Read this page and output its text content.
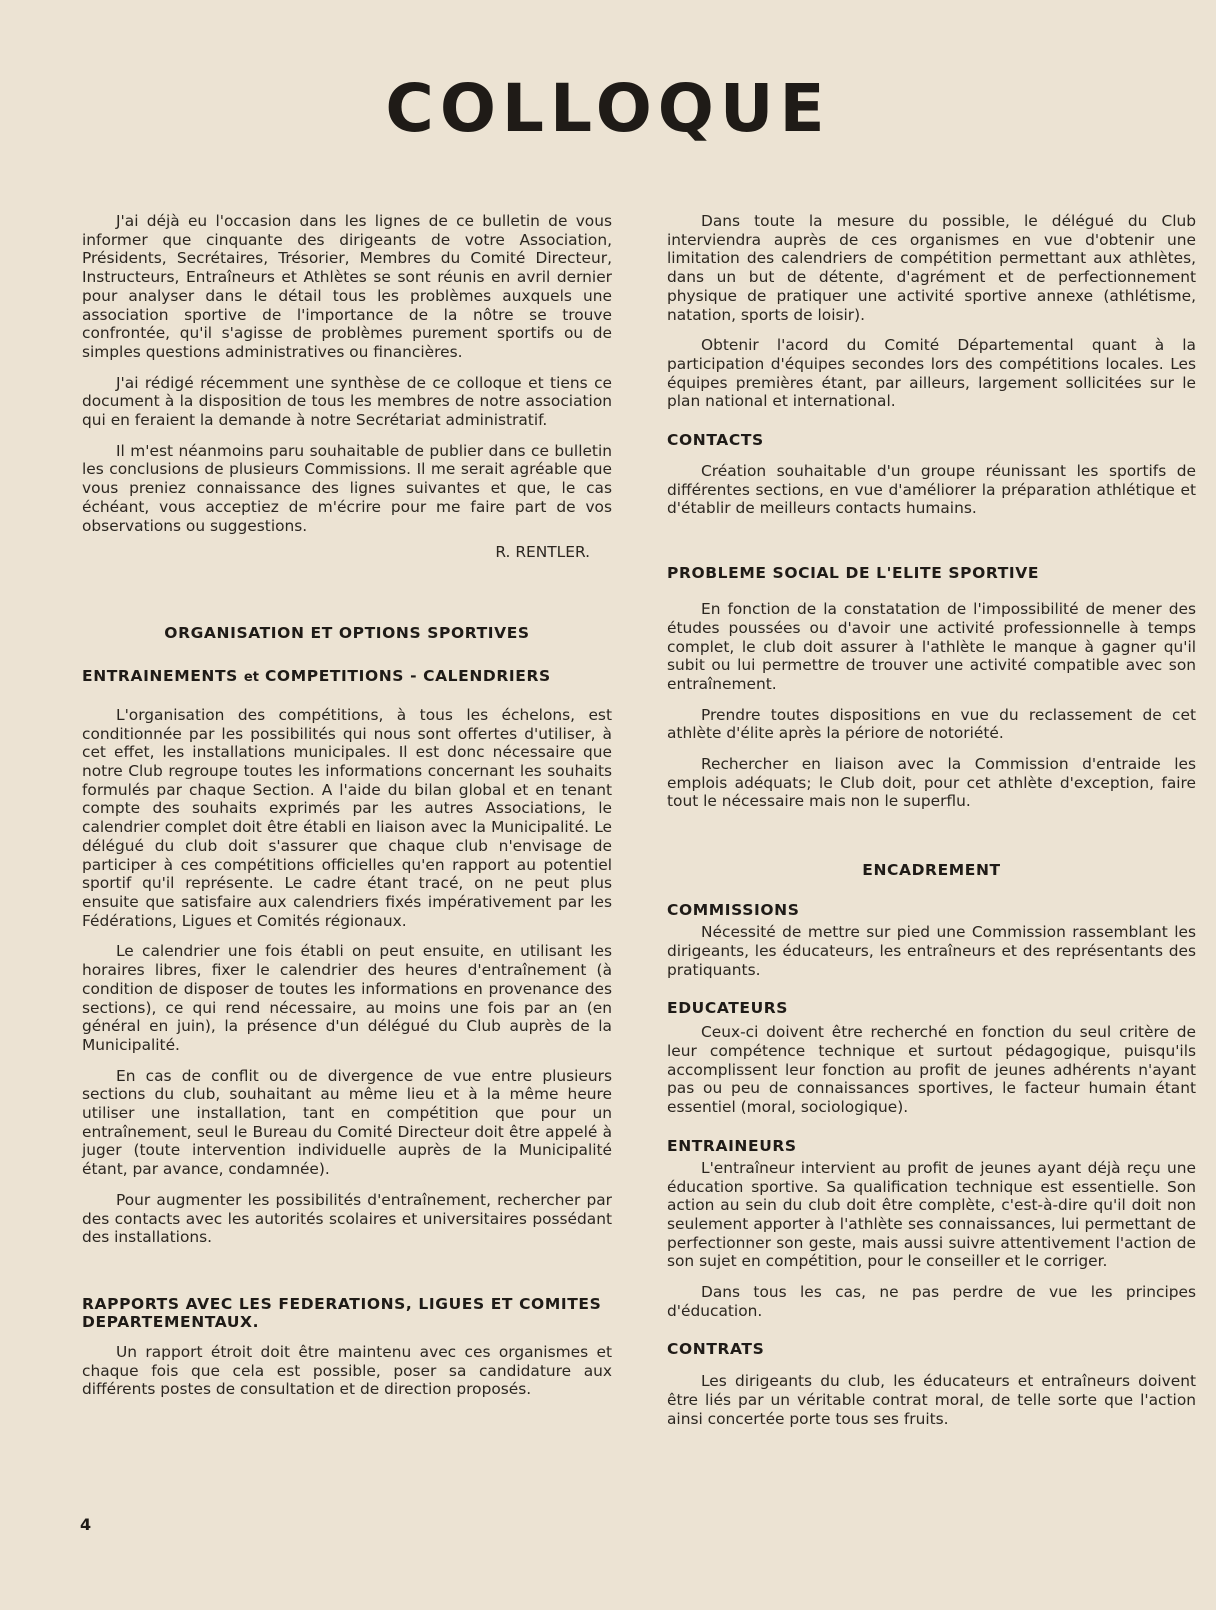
COLLOQUE

J'ai déjà eu l'occasion dans les lignes de ce bulletin de vous informer que cinquante des dirigeants de votre Association, Présidents, Secrétaires, Trésorier, Membres du Comité Directeur, Instructeurs, Entraîneurs et Athlètes se sont réunis en avril dernier pour analyser dans le détail tous les problèmes auxquels une association sportive de l'importance de la nôtre se trouve confrontée, qu'il s'agisse de problèmes purement sportifs ou de simples questions administratives ou financières.

J'ai rédigé récemment une synthèse de ce colloque et tiens ce document à la disposition de tous les membres de notre association qui en feraient la demande à notre Secrétariat administratif.

Il m'est néanmoins paru souhaitable de publier dans ce bulletin les conclusions de plusieurs Commissions. Il me serait agréable que vous preniez connaissance des lignes suivantes et que, le cas échéant, vous acceptiez de m'écrire pour me faire part de vos observations ou suggestions.

R. RENTLER.

ORGANISATION ET OPTIONS SPORTIVES
ENTRAINEMENTS et COMPETITIONS - CALENDRIERS

L'organisation des compétitions, à tous les échelons, est conditionnée par les possibilités qui nous sont offertes d'utiliser, à cet effet, les installations municipales. Il est donc nécessaire que notre Club regroupe toutes les informations concernant les souhaits formulés par chaque Section. A l'aide du bilan global et en tenant compte des souhaits exprimés par les autres Associations, le calendrier complet doit être établi en liaison avec la Municipalité. Le délégué du club doit s'assurer que chaque club n'envisage de participer à ces compétitions officielles qu'en rapport au potentiel sportif qu'il représente. Le cadre étant tracé, on ne peut plus ensuite que satisfaire aux calendriers fixés impérativement par les Fédérations, Ligues et Comités régionaux.

Le calendrier une fois établi on peut ensuite, en utilisant les horaires libres, fixer le calendrier des heures d'entraînement (à condition de disposer de toutes les informations en provenance des sections), ce qui rend nécessaire, au moins une fois par an (en général en juin), la présence d'un délégué du Club auprès de la Municipalité.

En cas de conflit ou de divergence de vue entre plusieurs sections du club, souhaitant au même lieu et à la même heure utiliser une installation, tant en compétition que pour un entraînement, seul le Bureau du Comité Directeur doit être appelé à juger (toute intervention individuelle auprès de la Municipalité étant, par avance, condamnée).

Pour augmenter les possibilités d'entraînement, rechercher par des contacts avec les autorités scolaires et universitaires possédant des installations.

RAPPORTS AVEC LES FEDERATIONS, LIGUES ET COMITES DEPARTEMENTAUX.

Un rapport étroit doit être maintenu avec ces organismes et chaque fois que cela est possible, poser sa candidature aux différents postes de consultation et de direction proposés.

Dans toute la mesure du possible, le délégué du Club interviendra auprès de ces organismes en vue d'obtenir une limitation des calendriers de compétition permettant aux athlètes, dans un but de détente, d'agrément et de perfectionnement physique de pratiquer une activité sportive annexe (athlétisme, natation, sports de loisir).

Obtenir l'acord du Comité Départemental quant à la participation d'équipes secondes lors des compétitions locales. Les équipes premières étant, par ailleurs, largement sollicitées sur le plan national et international.

CONTACTS

Création souhaitable d'un groupe réunissant les sportifs de différentes sections, en vue d'améliorer la préparation athlétique et d'établir de meilleurs contacts humains.

PROBLEME SOCIAL DE L'ELITE SPORTIVE

En fonction de la constatation de l'impossibilité de mener des études poussées ou d'avoir une activité professionnelle à temps complet, le club doit assurer à l'athlète le manque à gagner qu'il subit ou lui permettre de trouver une activité compatible avec son entraînement.

Prendre toutes dispositions en vue du reclassement de cet athlète d'élite après la périore de notoriété.

Rechercher en liaison avec la Commission d'entraide les emplois adéquats; le Club doit, pour cet athlète d'exception, faire tout le nécessaire mais non le superflu.

ENCADREMENT
COMMISSIONS

Nécessité de mettre sur pied une Commission rassemblant les dirigeants, les éducateurs, les entraîneurs et des représentants des pratiquants.

EDUCATEURS

Ceux-ci doivent être recherché en fonction du seul critère de leur compétence technique et surtout pédagogique, puisqu'ils accomplissent leur fonction au profit de jeunes adhérents n'ayant pas ou peu de connaissances sportives, le facteur humain étant essentiel (moral, sociologique).

ENTRAINEURS

L'entraîneur intervient au profit de jeunes ayant déjà reçu une éducation sportive. Sa qualification technique est essentielle. Son action au sein du club doit être complète, c'est-à-dire qu'il doit non seulement apporter à l'athlète ses connaissances, lui permettant de perfectionner son geste, mais aussi suivre attentivement l'action de son sujet en compétition, pour le conseiller et le corriger.

Dans tous les cas, ne pas perdre de vue les principes d'éducation.

CONTRATS

Les dirigeants du club, les éducateurs et entraîneurs doivent être liés par un véritable contrat moral, de telle sorte que l'action ainsi concertée porte tous ses fruits.

4
